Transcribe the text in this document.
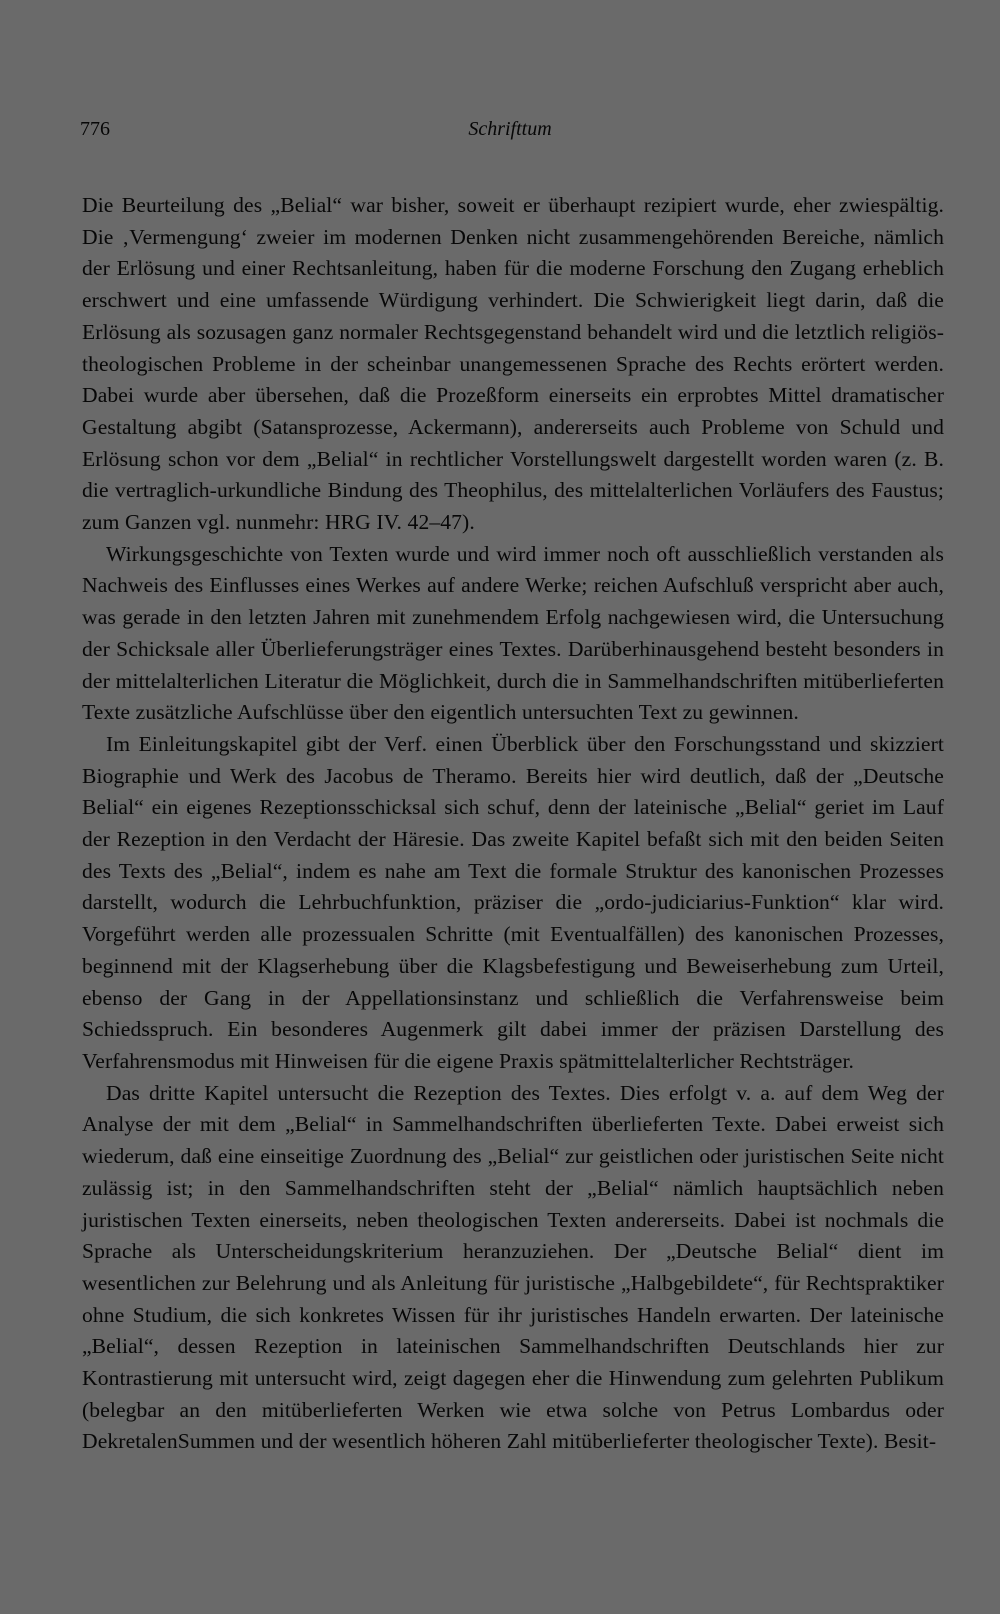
776	Schrifttum

Die Beurteilung des „Belial“ war bisher, soweit er überhaupt rezipiert wurde, eher zwiespältig. Die ‚Vermengung‘ zweier im modernen Denken nicht zusammengehörenden Bereiche, nämlich der Erlösung und einer Rechtsanleitung, haben für die moderne Forschung den Zugang erheblich erschwert und eine umfassende Würdigung verhindert. Die Schwierigkeit liegt darin, daß die Erlösung als sozusagen ganz normaler Rechtsgegenstand behandelt wird und die letztlich religiös-theologischen Probleme in der scheinbar unangemessenen Sprache des Rechts erörtert werden. Dabei wurde aber übersehen, daß die Prozeßform einerseits ein erprobtes Mittel dramatischer Gestaltung abgibt (Satansprozesse, Ackermann), andererseits auch Probleme von Schuld und Erlösung schon vor dem „Belial“ in rechtlicher Vorstellungswelt dargestellt worden waren (z. B. die vertraglich-urkundliche Bindung des Theophilus, des mittelalterlichen Vorläufers des Faustus; zum Ganzen vgl. nunmehr: HRG IV. 42–47).

Wirkungsgeschichte von Texten wurde und wird immer noch oft ausschließlich verstanden als Nachweis des Einflusses eines Werkes auf andere Werke; reichen Aufschluß verspricht aber auch, was gerade in den letzten Jahren mit zunehmendem Erfolg nachgewiesen wird, die Untersuchung der Schicksale aller Überlieferungsträger eines Textes. Darüberhinausgehend besteht besonders in der mittelalterlichen Literatur die Möglichkeit, durch die in Sammelhandschriften mitüberlieferten Texte zusätzliche Aufschlüsse über den eigentlich untersuchten Text zu gewinnen.

Im Einleitungskapitel gibt der Verf. einen Überblick über den Forschungsstand und skizziert Biographie und Werk des Jacobus de Theramo. Bereits hier wird deutlich, daß der „Deutsche Belial“ ein eigenes Rezeptionsschicksal sich schuf, denn der lateinische „Belial“ geriet im Lauf der Rezeption in den Verdacht der Häresie. Das zweite Kapitel befaßt sich mit den beiden Seiten des Texts des „Belial“, indem es nahe am Text die formale Struktur des kanonischen Prozesses darstellt, wodurch die Lehrbuchfunktion, präziser die „ordo-judiciarius-Funktion“ klar wird. Vorgeführt werden alle prozessualen Schritte (mit Eventualfällen) des kanonischen Prozesses, beginnend mit der Klagserhebung über die Klagsbefestigung und Beweiserhebung zum Urteil, ebenso der Gang in der Appellationsinstanz und schließlich die Verfahrensweise beim Schiedsspruch. Ein besonderes Augenmerk gilt dabei immer der präzisen Darstellung des Verfahrensmodus mit Hinweisen für die eigene Praxis spätmittelalterlicher Rechtsträger.

Das dritte Kapitel untersucht die Rezeption des Textes. Dies erfolgt v. a. auf dem Weg der Analyse der mit dem „Belial“ in Sammelhandschriften überlieferten Texte. Dabei erweist sich wiederum, daß eine einseitige Zuordnung des „Belial“ zur geistlichen oder juristischen Seite nicht zulässig ist; in den Sammelhandschriften steht der „Belial“ nämlich hauptsächlich neben juristischen Texten einerseits, neben theologischen Texten andererseits. Dabei ist nochmals die Sprache als Unterscheidungskriterium heranzuziehen. Der „Deutsche Belial“ dient im wesentlichen zur Belehrung und als Anleitung für juristische „Halbgebildete“, für Rechtspraktiker ohne Studium, die sich konkretes Wissen für ihr juristisches Handeln erwarten. Der lateinische „Belial“, dessen Rezeption in lateinischen Sammelhandschriften Deutschlands hier zur Kontrastierung mit untersucht wird, zeigt dagegen eher die Hinwendung zum gelehrten Publikum (belegbar an den mitüberlieferten Werken wie etwa solche von Petrus Lombardus oder DekretalenSummen und der wesentlich höheren Zahl mitüberlieferter theologischer Texte). Besit-
